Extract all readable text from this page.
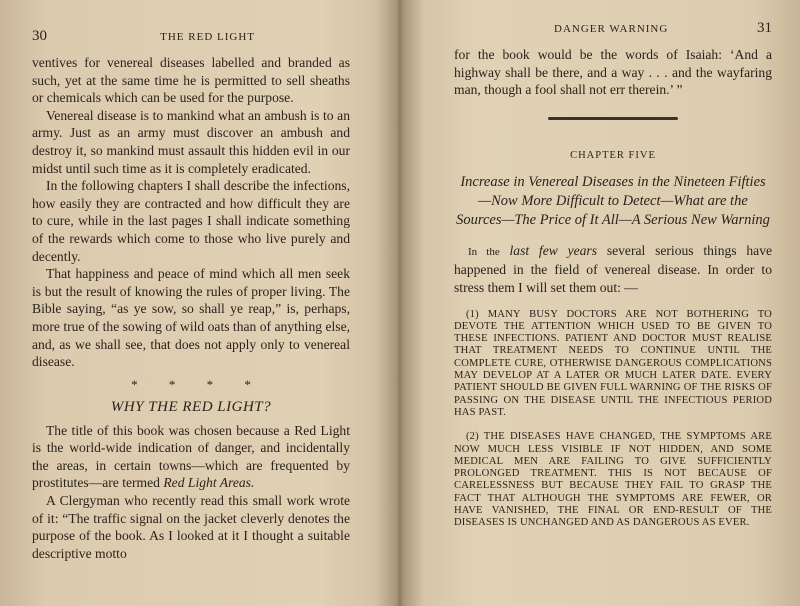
30	THE RED LIGHT

ventives for venereal diseases labelled and branded as such, yet at the same time he is permitted to sell sheaths or chemicals which can be used for the purpose.

Venereal disease is to mankind what an ambush is to an army. Just as an army must discover an ambush and destroy it, so mankind must assault this hidden evil in our midst until such time as it is completely eradicated.

In the following chapters I shall describe the infections, how easily they are contracted and how difficult they are to cure, while in the last pages I shall indicate something of the rewards which come to those who live purely and decently.

That happiness and peace of mind which all men seek is but the result of knowing the rules of proper living. The Bible saying, “as ye sow, so shall ye reap,” is, perhaps, more true of the sowing of wild oats than of anything else, and, as we shall see, that does not apply only to venereal disease.

* * * *
WHY THE RED LIGHT?

The title of this book was chosen because a Red Light is the world-wide indication of danger, and incidentally the areas, in certain towns—which are frequented by prostitutes—are termed Red Light Areas.

A Clergyman who recently read this small work wrote of it: “The traffic signal on the jacket cleverly denotes the purpose of the book. As I looked at it I thought a suitable descriptive motto

DANGER WARNING	31

for the book would be the words of Isaiah: ‘And a highway shall be there, and a way . . . and the wayfaring man, though a fool shall not err therein.’ ”

CHAPTER FIVE
Increase in Venereal Diseases in the Nineteen Fifties—Now More Difficult to Detect—What are the Sources—The Price of It All—A Serious New Warning

In the last few years several serious things have happened in the field of venereal disease. In order to stress them I will set them out: —

(1) MANY BUSY DOCTORS ARE NOT BOTHERING TO DEVOTE THE ATTENTION WHICH USED TO BE GIVEN TO THESE INFECTIONS. PATIENT AND DOCTOR MUST REALISE THAT TREATMENT NEEDS TO CONTINUE UNTIL THE COMPLETE CURE, OTHERWISE DANGEROUS COMPLICATIONS MAY DEVELOP AT A LATER OR MUCH LATER DATE. EVERY PATIENT SHOULD BE GIVEN FULL WARNING OF THE RISKS OF PASSING ON THE DISEASE UNTIL THE INFECTIOUS PERIOD HAS PAST.
(2) THE DISEASES HAVE CHANGED, THE SYMPTOMS ARE NOW MUCH LESS VISIBLE IF NOT HIDDEN, AND SOME MEDICAL MEN ARE FAILING TO GIVE SUFFICIENTLY PROLONGED TREATMENT. THIS IS NOT BECAUSE OF CARELESSNESS BUT BECAUSE THEY FAIL TO GRASP THE FACT THAT ALTHOUGH THE SYMPTOMS ARE FEWER, OR HAVE VANISHED, THE FINAL OR END-RESULT OF THE DISEASES IS UNCHANGED AND AS DANGEROUS AS EVER.
